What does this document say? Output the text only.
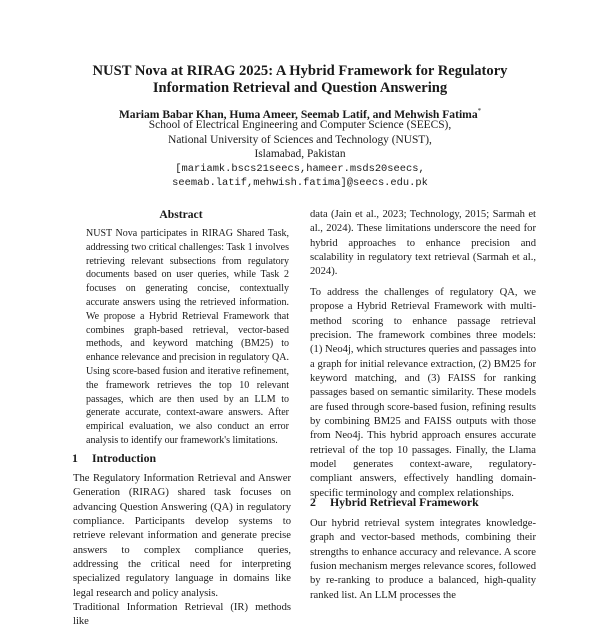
NUST Nova at RIRAG 2025: A Hybrid Framework for Regulatory
Information Retrieval and Question Answering
Mariam Babar Khan, Huma Ameer, Seemab Latif, and Mehwish Fatima*
School of Electrical Engineering and Computer Science (SEECS),
National University of Sciences and Technology (NUST),
Islamabad, Pakistan
[mariamk.bscs21seecs,hameer.msds20seecs,
seemab.latif,mehwish.fatima]@seecs.edu.pk
Abstract

NUST Nova participates in RIRAG Shared Task, addressing two critical challenges: Task 1 involves retrieving relevant subsections from regulatory documents based on user queries, while Task 2 focuses on generating concise, contextually accurate answers using the retrieved information. We propose a Hybrid Retrieval Framework that combines graph-based retrieval, vector-based methods, and keyword matching (BM25) to enhance relevance and precision in regulatory QA. Using score-based fusion and iterative refinement, the framework retrieves the top 10 relevant passages, which are then used by an LLM to generate accurate, context-aware answers. After empirical evaluation, we also conduct an error analysis to identify our framework's limitations.

1 Introduction

The Regulatory Information Retrieval and Answer Generation (RIRAG) shared task focuses on advancing Question Answering (QA) in regulatory compliance. Participants develop systems to retrieve relevant information and generate precise answers to complex compliance queries, addressing the critical need for interpreting specialized regulatory language in domains like legal research and policy analysis.

Traditional Information Retrieval (IR) methods like

data (Jain et al., 2023; Technology, 2015; Sarmah et al., 2024). These limitations underscore the need for hybrid approaches to enhance precision and scalability in regulatory text retrieval (Sarmah et al., 2024).

To address the challenges of regulatory QA, we propose a Hybrid Retrieval Framework with multi-method scoring to enhance passage retrieval precision. The framework combines three models: (1) Neo4j, which structures queries and passages into a graph for initial relevance extraction, (2) BM25 for keyword matching, and (3) FAISS for ranking passages based on semantic similarity. These models are fused through score-based fusion, refining results by combining BM25 and FAISS outputs with those from Neo4j. This hybrid approach ensures accurate retrieval of the top 10 passages. Finally, the Llama model generates context-aware, regulatory-compliant answers, effectively handling domain-specific terminology and complex relationships.

2 Hybrid Retrieval Framework

Our hybrid retrieval system integrates knowledge-graph and vector-based methods, combining their strengths to enhance accuracy and relevance. A score fusion mechanism merges relevance scores, followed by re-ranking to produce a balanced, high-quality ranked list. An LLM processes the
